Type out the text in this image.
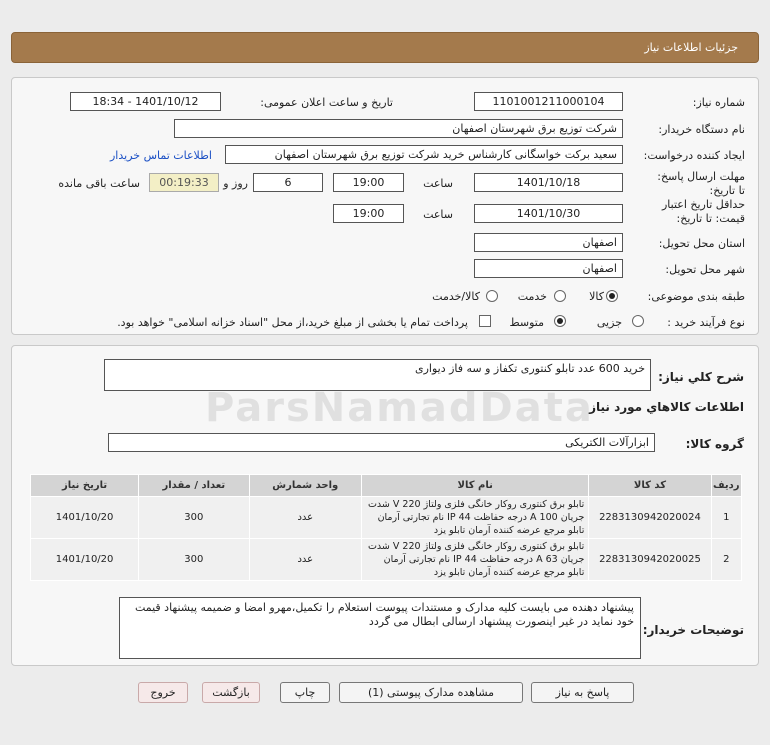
جزئیات اطلاعات نیاز
شماره نیاز:
1101001211000104
تاریخ و ساعت اعلان عمومی:
1401/10/12 - 18:34
نام دستگاه خریدار:
شرکت توزیع برق شهرستان اصفهان
ایجاد کننده درخواست:
سعید برکت خواسگانی کارشناس خرید شرکت توزیع برق شهرستان اصفهان
اطلاعات تماس خریدار
مهلت ارسال پاسخ: تا تاریخ:
1401/10/18
ساعت
19:00
6
روز و
00:19:33
ساعت باقی مانده
حداقل تاریخ اعتبار قیمت: تا تاریخ:
1401/10/30
ساعت
19:00
استان محل تحویل:
اصفهان
شهر محل تحویل:
اصفهان
طبقه بندی موضوعی:
کالا
خدمت
کالا/خدمت
نوع فرآیند خرید :
جزیی
متوسط
پرداخت تمام یا بخشی از مبلغ خرید،از محل "اسناد خزانه اسلامی" خواهد بود.
شرح کلي نياز:
خرید 600 عدد تابلو کنتوری تکفاز و سه فاز دیواری
اطلاعات کالاهاي مورد نياز
گروه کالا:
ابزارآلات الکتریکی
ردیف	کد کالا	نام کالا	واحد شمارش	تعداد / مقدار	تاریخ نیاز
1	2283130942020024	تابلو برق کنتوری روکار خانگی فلزی ولتاژ 220 V شدت جریان 100 A درجه حفاظت IP 44 نام تجارتی آرمان تابلو مرجع عرضه کننده آرمان تابلو یزد	عدد	300	1401/10/20
2	2283130942020025	تابلو برق کنتوری روکار خانگی فلزی ولتاژ 220 V شدت جریان 63 A درجه حفاظت IP 44 نام تجارتی آرمان تابلو مرجع عرضه کننده آرمان تابلو یزد	عدد	300	1401/10/20
توضیحات خریدار:
پیشنهاد دهنده می بایست کلیه مدارک و مستندات پیوست استعلام را تکمیل،مهرو امضا و ضمیمه پیشنهاد قیمت خود نماید در غیر اینصورت پیشنهاد ارسالی ابطال می گردد
ParsNamadData
پاسخ به نیاز
مشاهده مدارک پیوستی (1)
چاپ
بازگشت
خروج
